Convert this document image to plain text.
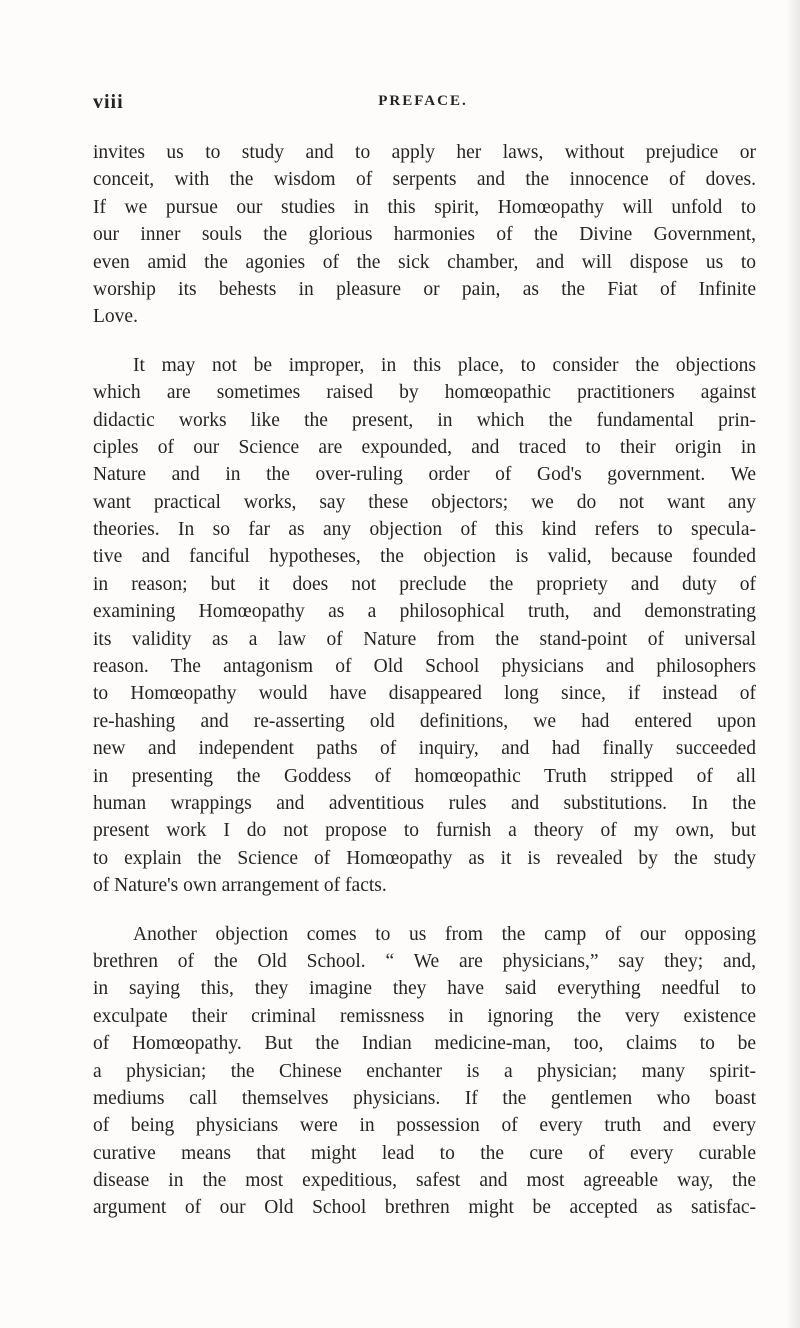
viii	PREFACE.
invites us to study and to apply her laws, without prejudice or
conceit, with the wisdom of serpents and the innocence of doves.
If we pursue our studies in this spirit, Homœopathy will unfold to
our inner souls the glorious harmonies of the Divine Government,
even amid the agonies of the sick chamber, and will dispose us to
worship its behests in pleasure or pain, as the Fiat of Infinite
Love.
It may not be improper, in this place, to consider the objections
which are sometimes raised by homœopathic practitioners against
didactic works like the present, in which the fundamental prin-
ciples of our Science are expounded, and traced to their origin in
Nature and in the over-ruling order of God's government. We
want practical works, say these objectors; we do not want any
theories. In so far as any objection of this kind refers to specula-
tive and fanciful hypotheses, the objection is valid, because founded
in reason; but it does not preclude the propriety and duty of
examining Homœopathy as a philosophical truth, and demonstrating
its validity as a law of Nature from the stand-point of universal
reason. The antagonism of Old School physicians and philosophers
to Homœopathy would have disappeared long since, if instead of
re-hashing and re-asserting old definitions, we had entered upon
new and independent paths of inquiry, and had finally succeeded
in presenting the Goddess of homœopathic Truth stripped of all
human wrappings and adventitious rules and substitutions. In the
present work I do not propose to furnish a theory of my own, but
to explain the Science of Homœopathy as it is revealed by the study
of Nature's own arrangement of facts.
Another objection comes to us from the camp of our opposing
brethren of the Old School. “ We are physicians,” say they; and,
in saying this, they imagine they have said everything needful to
exculpate their criminal remissness in ignoring the very existence
of Homœopathy. But the Indian medicine-man, too, claims to be
a physician; the Chinese enchanter is a physician; many spirit-
mediums call themselves physicians. If the gentlemen who boast
of being physicians were in possession of every truth and every
curative means that might lead to the cure of every curable
disease in the most expeditious, safest and most agreeable way, the
argument of our Old School brethren might be accepted as satisfac-
